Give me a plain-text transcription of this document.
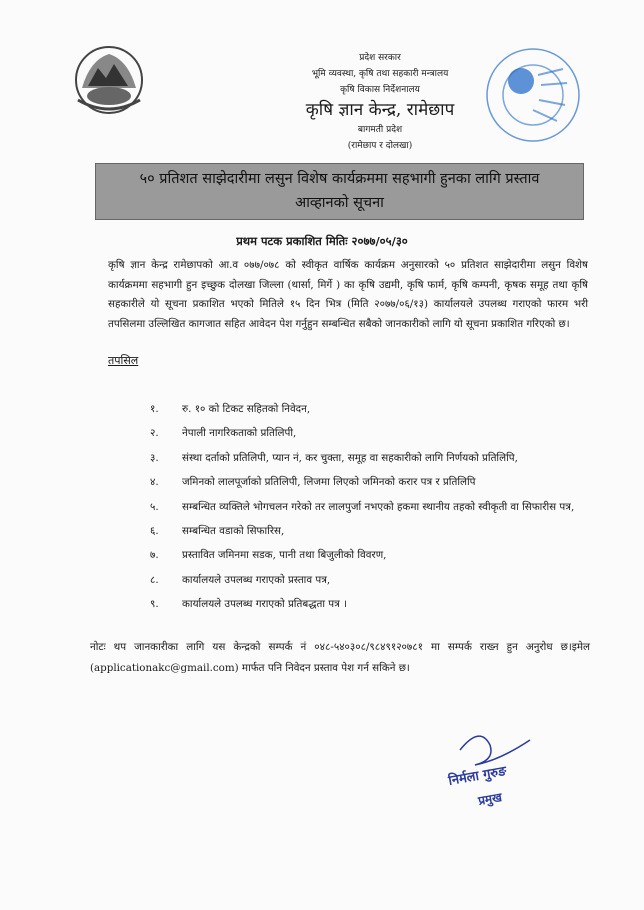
प्रदेश सरकार
भूमि व्यवस्था, कृषि तथा सहकारी मन्त्रालय
कृषि विकास निर्देशनालय
कृषि ज्ञान केन्द्र, रामेछाप
बागमती प्रदेश
(रामेछाप र दोलखा)
५० प्रतिशत साझेदारीमा लसुन विशेष कार्यक्रममा सहभागी हुनका लागि प्रस्ताव
आव्हानको सूचना
प्रथम पटक प्रकाशित मितिः २०७७/०५/३०
कृषि ज्ञान केन्द्र रामेछापको आ.व ०७७/०७८ को स्वीकृत वार्षिक कार्यक्रम अनुसारको ५० प्रतिशत साझेदारीमा लसुन विशेष कार्यक्रममा सहभागी हुन इच्छुक दोलखा जिल्ला (थार्सा, मिर्गे ) का कृषि उद्यमी, कृषि फार्म, कृषि कम्पनी, कृषक समूह तथा कृषि सहकारीले यो सूचना प्रकाशित भएको मितिले १५ दिन भित्र (मिति २०७७/०६/१३) कार्यालयले उपलब्ध गराएको फारम भरी तपसिलमा उल्लिखित कागजात सहित आवेदन पेश गर्नुहुन सम्बन्धित सबैको जानकारीको लागि यो सूचना प्रकाशित गरिएको छ।
तपसिल
१.	रु. १० को टिकट सहितको निवेदन,
२.	नेपाली नागरिकताको प्रतिलिपी,
३.	संस्था दर्ताको प्रतिलिपी, प्यान नं, कर चुक्ता, समूह वा सहकारीको लागि निर्णयको प्रतिलिपि,
४.	जमिनको लालपूर्जाको प्रतिलिपी, लिजमा लिएको जमिनको करार पत्र र प्रतिलिपि
५.	सम्बन्धित व्यक्तिले भोगचलन गरेको तर लालपुर्जा नभएको हकमा स्थानीय तहको स्वीकृती वा सिफारीस पत्र,
६.	सम्बन्धित वडाको सिफारिस,
७.	प्रस्तावित जमिनमा सडक, पानी तथा बिजुलीको विवरण,
८.	कार्यालयले उपलब्ध गराएको प्रस्ताव पत्र,
९.	कार्यालयले उपलब्ध गराएको प्रतिबद्धता पत्र ।
नोटः थप जानकारीका लागि यस केन्द्रको सम्पर्क नं ०४८-५४०३०८/९८४९१२०७८१ मा सम्पर्क राख्न हुन अनुरोध छ।इमेल (applicationakc@gmail.com) मार्फत पनि निवेदन प्रस्ताव पेश गर्न सकिने छ।
निर्मला गुरुङ
प्रमुख
